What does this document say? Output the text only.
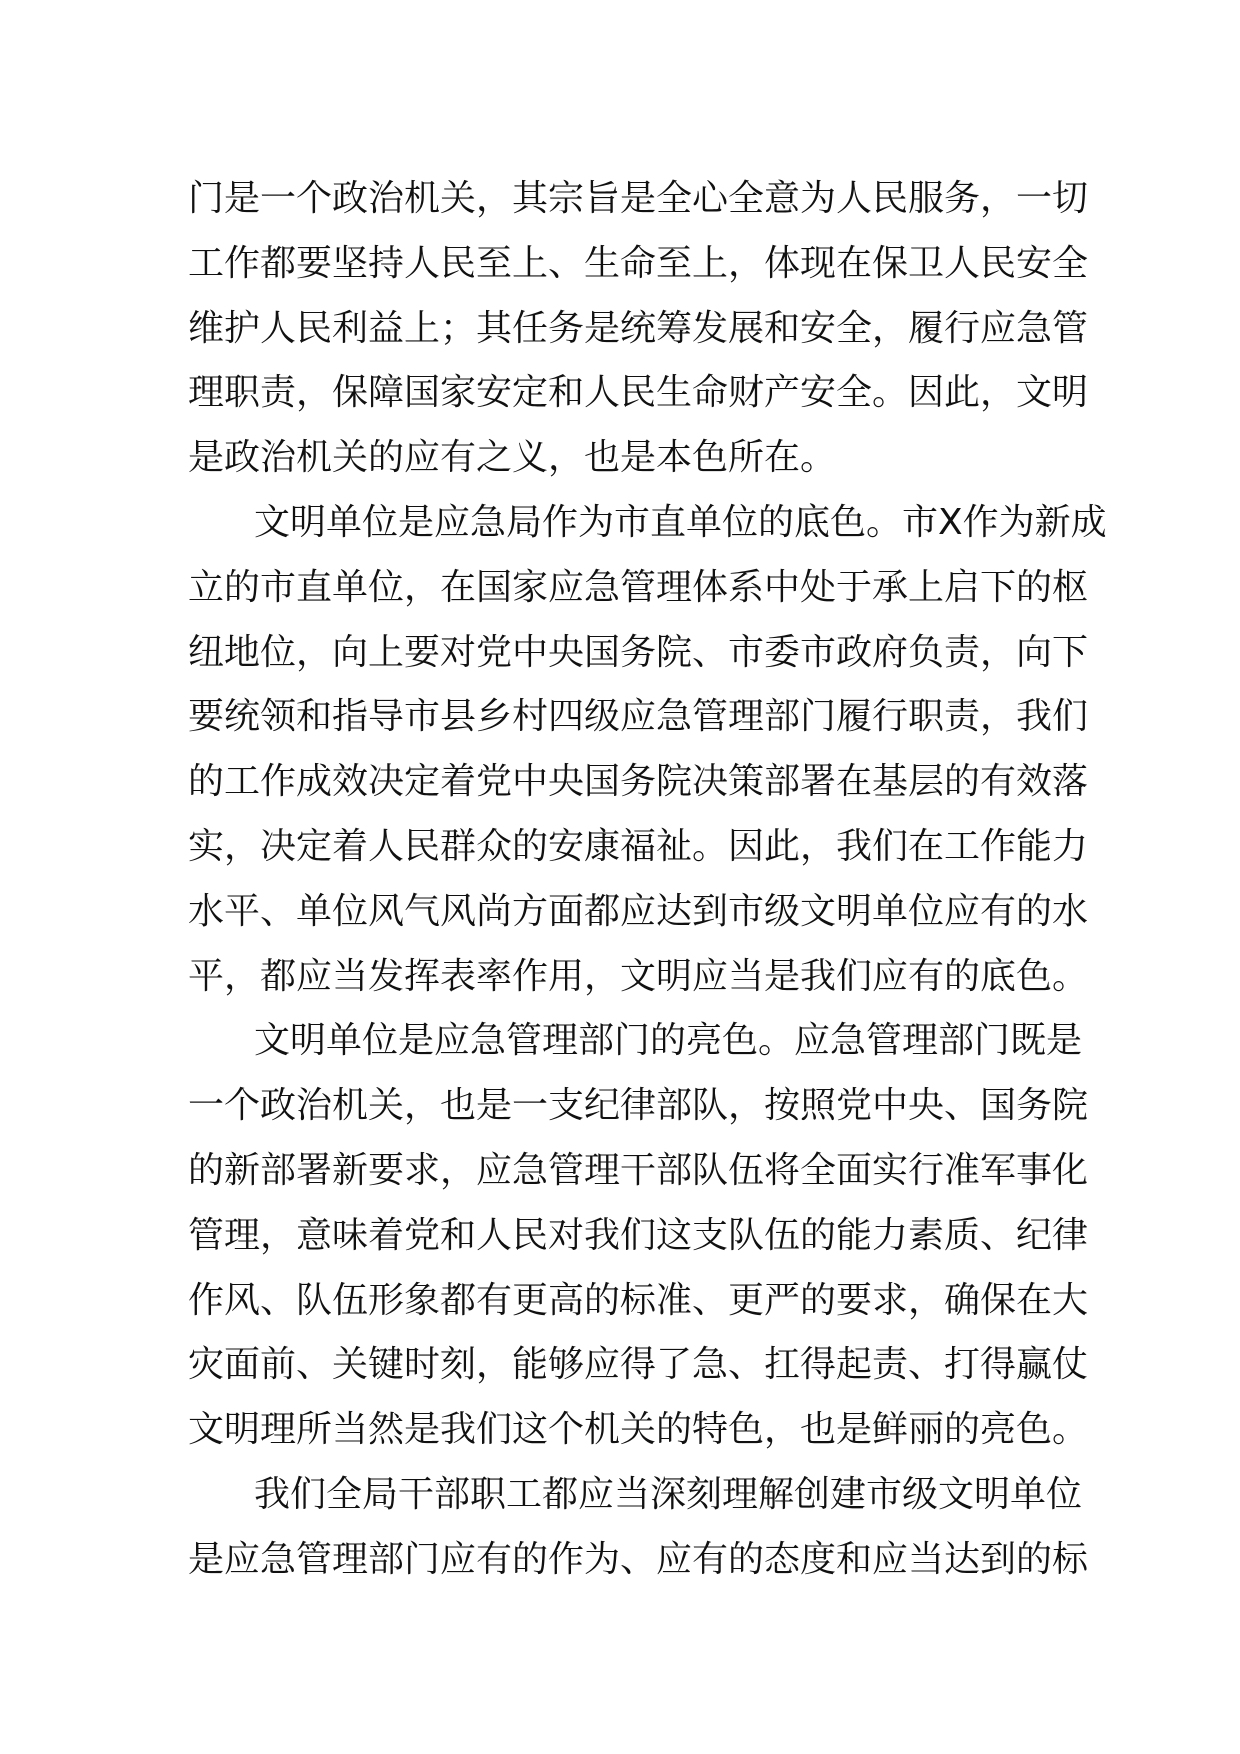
门是一个政治机关，其宗旨是全心全意为人民服务，一切
工作都要坚持人民至上、生命至上，体现在保卫人民安全
维护人民利益上；其任务是统筹发展和安全，履行应急管
理职责，保障国家安定和人民生命财产安全。因此，文明
是政治机关的应有之义，也是本色所在。
文明单位是应急局作为市直单位的底色。市X作为新成
立的市直单位，在国家应急管理体系中处于承上启下的枢
纽地位，向上要对党中央国务院、市委市政府负责，向下
要统领和指导市县乡村四级应急管理部门履行职责，我们
的工作成效决定着党中央国务院决策部署在基层的有效落
实，决定着人民群众的安康福祉。因此，我们在工作能力
水平、单位风气风尚方面都应达到市级文明单位应有的水
平，都应当发挥表率作用，文明应当是我们应有的底色。
文明单位是应急管理部门的亮色。应急管理部门既是
一个政治机关，也是一支纪律部队，按照党中央、国务院
的新部署新要求，应急管理干部队伍将全面实行准军事化
管理，意味着党和人民对我们这支队伍的能力素质、纪律
作风、队伍形象都有更高的标准、更严的要求，确保在大
灾面前、关键时刻，能够应得了急、扛得起责、打得赢仗
文明理所当然是我们这个机关的特色，也是鲜丽的亮色。
我们全局干部职工都应当深刻理解创建市级文明单位
是应急管理部门应有的作为、应有的态度和应当达到的标
